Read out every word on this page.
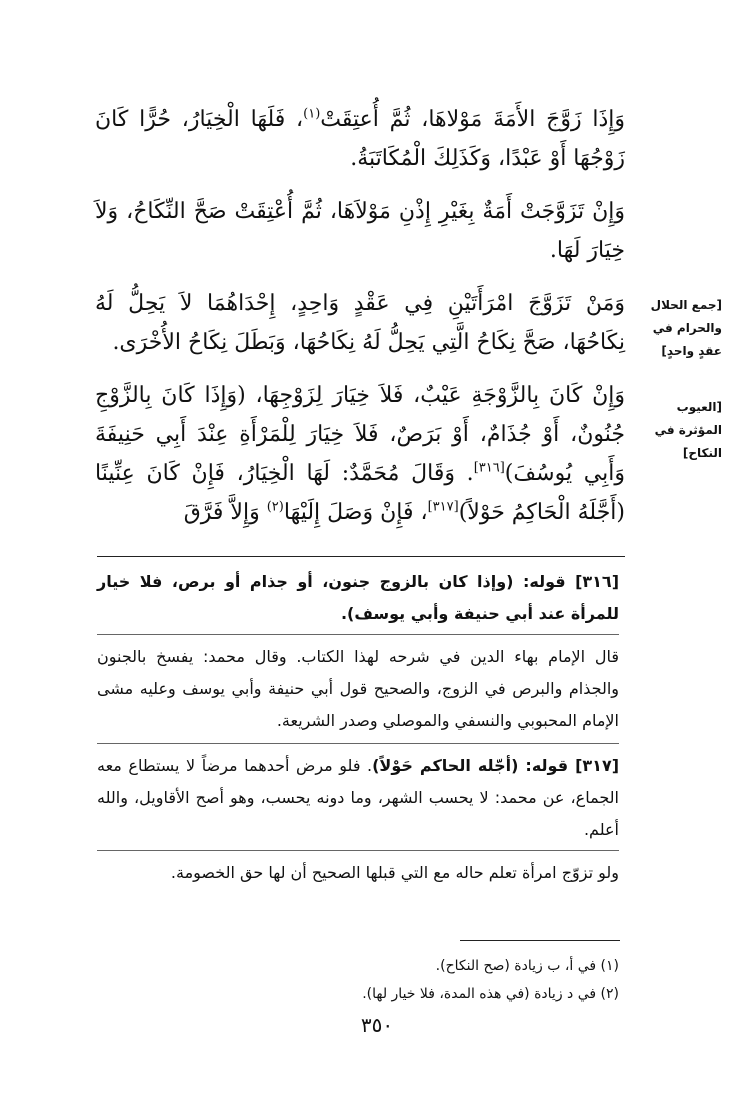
وَإِذَا زَوَّجَ الأَمَةَ مَوْلاهَا، ثُمَّ أُعتِقَتْ$^{(١)}$، فَلَهَا الْخِيَارُ، حُرًّا كَانَ زَوْجُهَا أَوْ عَبْدًا، وَكَذَلِكَ الْمُكَاتَبَةُ.

وَإِنْ تَزَوَّجَتْ أَمَةٌ بِغَيْرِ إِذْنِ مَوْلاَهَا، ثُمَّ أُعْتِقَتْ صَحَّ النِّكَاحُ، وَلاَ خِيَارَ لَهَا.

وَمَنْ تَزَوَّجَ امْرَأَتَيْنِ فِي عَقْدٍ وَاحِدٍ، إِحْدَاهُمَا لاَ يَحِلُّ لَهُ نِكَاحُهَا، صَحَّ نِكَاحُ الَّتِي يَحِلُّ لَهُ نِكَاحُهَا، وَبَطَلَ نِكَاحُ الأُخْرَى.

وَإِنْ كَانَ بِالزَّوْجَةِ عَيْبٌ، فَلاَ خِيَارَ لِزَوْجِهَا، (وَإِذَا كَانَ بِالزَّوْجِ جُنُونٌ، أَوْ جُذَامٌ، أَوْ بَرَصٌ، فَلاَ خِيَارَ لِلْمَرْأَةِ عِنْدَ أَبِي حَنِيفَةَ وَأَبِي يُوسُفَ)[٣١٦]. وَقَالَ مُحَمَّدٌ: لَهَا الْخِيَارُ، فَإِنْ كَانَ عِنِّينًا (أَجَّلَهُ الْحَاكِمُ حَوْلاً)[٣١٧]، فَإِنْ وَصَلَ إِلَيْهَا$^{(٢)}$ وَإِلاَّ فَرَّقَ

[جمع الحلال والحرام في عقدٍ واحدٍ]
[العيوب المؤثرة في النكاح]

[٣١٦] قوله: (وإذا كان بالزوج جنون، أو جذام أو برص، فلا خيار للمرأة عند أبي حنيفة وأبي يوسف).

قال الإمام بهاء الدين في شرحه لهذا الكتاب. وقال محمد: يفسخ بالجنون والجذام والبرص في الزوج، والصحيح قول أبي حنيفة وأبي يوسف وعليه مشى الإمام المحبوبي والنسفي والموصلي وصدر الشريعة.

[٣١٧] قوله: (أجّله الحاكم حَوْلاً). فلو مرض أحدهما مرضاً لا يستطاع معه الجماع، عن محمد: لا يحسب الشهر، وما دونه يحسب، وهو أصح الأقاويل، والله أعلم.

ولو تزوّج امرأة تعلم حاله مع التي قبلها الصحيح أن لها حق الخصومة.

(١) في أ، ب زيادة (صح النكاح).

(٢) في د زيادة (في هذه المدة، فلا خيار لها).

٣٥٠
